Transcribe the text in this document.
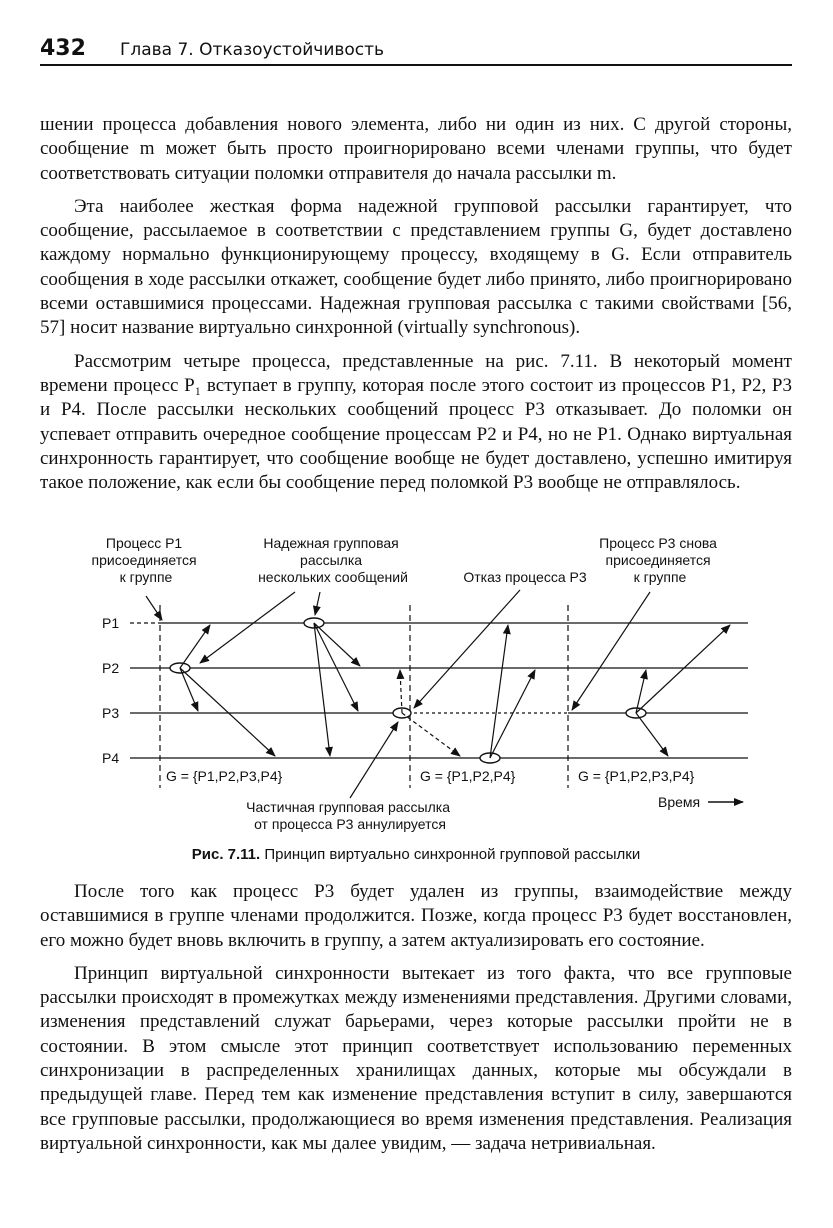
432 Глава 7. Отказоустойчивость

шении процесса добавления нового элемента, либо ни один из них. С другой стороны, сообщение m может быть просто проигнорировано всеми членами группы, что будет соответствовать ситуации поломки отправителя до начала рассылки m.

Эта наиболее жесткая форма надежной групповой рассылки гарантирует, что сообщение, рассылаемое в соответствии с представлением группы G, будет доставлено каждому нормально функционирующему процессу, входящему в G. Если отправитель сообщения в ходе рассылки откажет, сообщение будет либо принято, либо проигнорировано всеми оставшимися процессами. Надежная групповая рассылка с такими свойствами [56, 57] носит название виртуально синхронной (virtually synchronous).

Рассмотрим четыре процесса, представленные на рис. 7.11. В некоторый момент времени процесс P₁ вступает в группу, которая после этого состоит из процессов P1, P2, P3 и P4. После рассылки нескольких сообщений процесс P3 отказывает. До поломки он успевает отправить очередное сообщение процессам P2 и P4, но не P1. Однако виртуальная синхронность гарантирует, что сообщение вообще не будет доставлено, успешно имитируя такое положение, как если бы сообщение перед поломкой P3 вообще не отправлялось.

Процесс P1 присоединяется к группе
Надежная групповая рассылка нескольких сообщений	Отказ процесса P3
Процесс P3 снова присоединяется к группе
P1
P2
P3
P4
G = {P1,P2,P3,P4}	G = {P1,P2,P4}	G = {P1,P2,P3,P4}
Частичная групповая рассылка от процесса P3 аннулируется
Время
Рис. 7.11. Принцип виртуально синхронной групповой рассылки

После того как процесс P3 будет удален из группы, взаимодействие между оставшимися в группе членами продолжится. Позже, когда процесс P3 будет восстановлен, его можно будет вновь включить в группу, а затем актуализировать его состояние.

Принцип виртуальной синхронности вытекает из того факта, что все групповые рассылки происходят в промежутках между изменениями представления. Другими словами, изменения представлений служат барьерами, через которые рассылки пройти не в состоянии. В этом смысле этот принцип соответствует использованию переменных синхронизации в распределенных хранилищах данных, которые мы обсуждали в предыдущей главе. Перед тем как изменение представления вступит в силу, завершаются все групповые рассылки, продолжающиеся во время изменения представления. Реализация виртуальной синхронности, как мы далее увидим, — задача нетривиальная.
